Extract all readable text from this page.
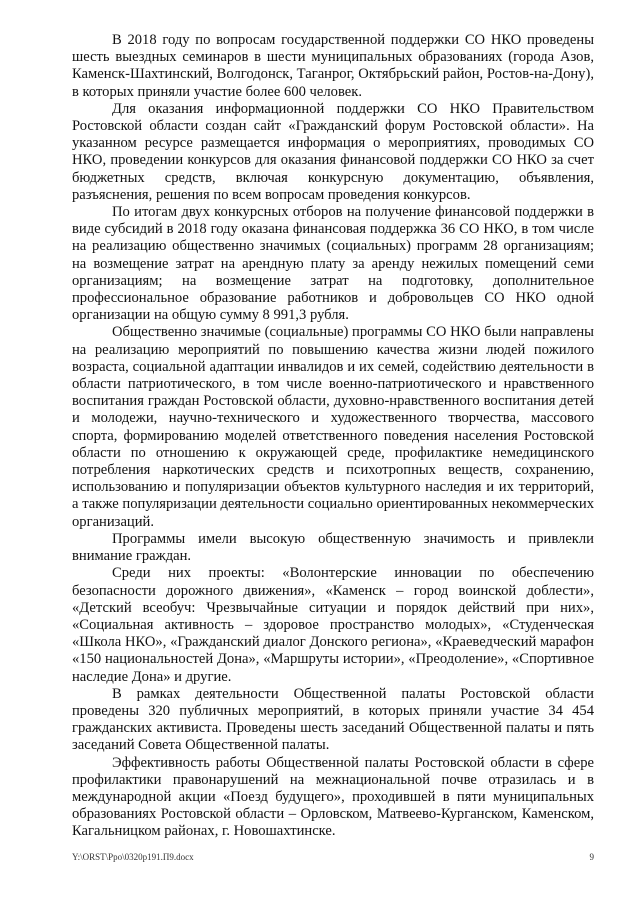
В 2018 году по вопросам государственной поддержки СО НКО проведены шесть выездных семинаров в шести муниципальных образованиях (города Азов, Каменск-Шахтинский, Волгодонск, Таганрог, Октябрьский район, Ростов-на-Дону), в которых приняли участие более 600 человек.

Для оказания информационной поддержки СО НКО Правительством Ростовской области создан сайт «Гражданский форум Ростовской области». На указанном ресурсе размещается информация о мероприятиях, проводимых СО НКО, проведении конкурсов для оказания финансовой поддержки СО НКО за счет бюджетных средств, включая конкурсную документацию, объявления, разъяснения, решения по всем вопросам проведения конкурсов.

По итогам двух конкурсных отборов на получение финансовой поддержки в виде субсидий в 2018 году оказана финансовая поддержка 36 СО НКО, в том числе на реализацию общественно значимых (социальных) программ 28 организациям; на возмещение затрат на арендную плату за аренду нежилых помещений семи организациям; на возмещение затрат на подготовку, дополнительное профессиональное образование работников и добровольцев СО НКО одной организации на общую сумму 8 991,3 рубля.

Общественно значимые (социальные) программы СО НКО были направлены на реализацию мероприятий по повышению качества жизни людей пожилого возраста, социальной адаптации инвалидов и их семей, содействию деятельности в области патриотического, в том числе военно-патриотического и нравственного воспитания граждан Ростовской области, духовно-нравственного воспитания детей и молодежи, научно-технического и художественного творчества, массового спорта, формированию моделей ответственного поведения населения Ростовской области по отношению к окружающей среде, профилактике немедицинского потребления наркотических средств и психотропных веществ, сохранению, использованию и популяризации объектов культурного наследия и их территорий, а также популяризации деятельности социально ориентированных некоммерческих организаций.

Программы имели высокую общественную значимость и привлекли внимание граждан.

Среди них проекты: «Волонтерские инновации по обеспечению безопасности дорожного движения», «Каменск – город воинской доблести», «Детский всеобуч: Чрезвычайные ситуации и порядок действий при них», «Социальная активность – здоровое пространство молодых», «Студенческая «Школа НКО», «Гражданский диалог Донского региона», «Краеведческий марафон «150 национальностей Дона», «Маршруты истории», «Преодоление», «Спортивное наследие Дона» и другие.

В рамках деятельности Общественной палаты Ростовской области проведены 320 публичных мероприятий, в которых приняли участие 34 454 гражданских активиста. Проведены шесть заседаний Общественной палаты и пять заседаний Совета Общественной палаты.

Эффективность работы Общественной палаты Ростовской области в сфере профилактики правонарушений на межнациональной почве отразилась и в международной акции «Поезд будущего», проходившей в пяти муниципальных образованиях Ростовской области – Орловском, Матвеево-Курганском, Каменском, Кагальницком районах, г. Новошахтинске.

Y:\ORST\Ppo\0320p191.П9.docx	9
